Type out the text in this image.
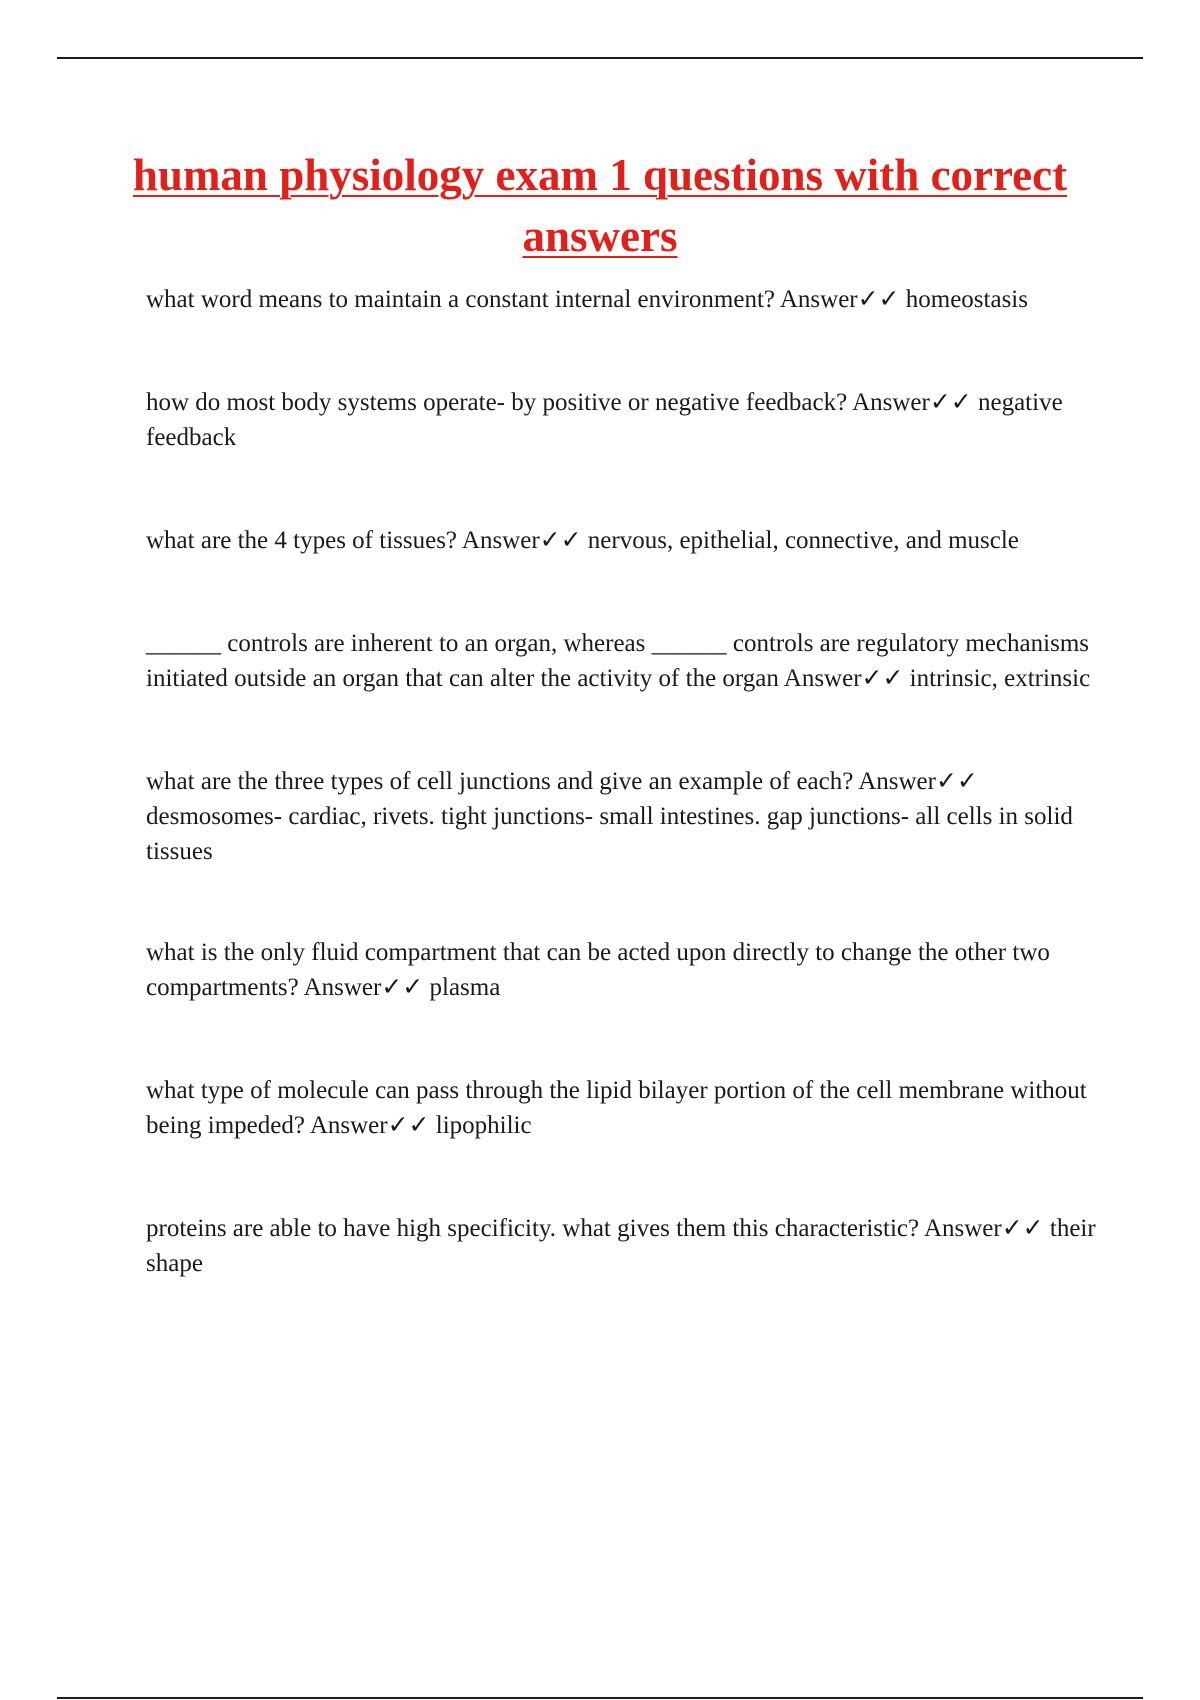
human physiology exam 1 questions with correct answers

what word means to maintain a constant internal environment? Answer✓✓ homeostasis

how do most body systems operate- by positive or negative feedback? Answer✓✓ negative feedback

what are the 4 types of tissues? Answer✓✓ nervous, epithelial, connective, and muscle

______ controls are inherent to an organ, whereas ______ controls are regulatory mechanisms initiated outside an organ that can alter the activity of the organ Answer✓✓ intrinsic, extrinsic

what are the three types of cell junctions and give an example of each? Answer✓✓ desmosomes- cardiac, rivets. tight junctions- small intestines. gap junctions- all cells in solid tissues

what is the only fluid compartment that can be acted upon directly to change the other two compartments? Answer✓✓ plasma

what type of molecule can pass through the lipid bilayer portion of the cell membrane without being impeded? Answer✓✓ lipophilic

proteins are able to have high specificity. what gives them this characteristic? Answer✓✓ their shape
